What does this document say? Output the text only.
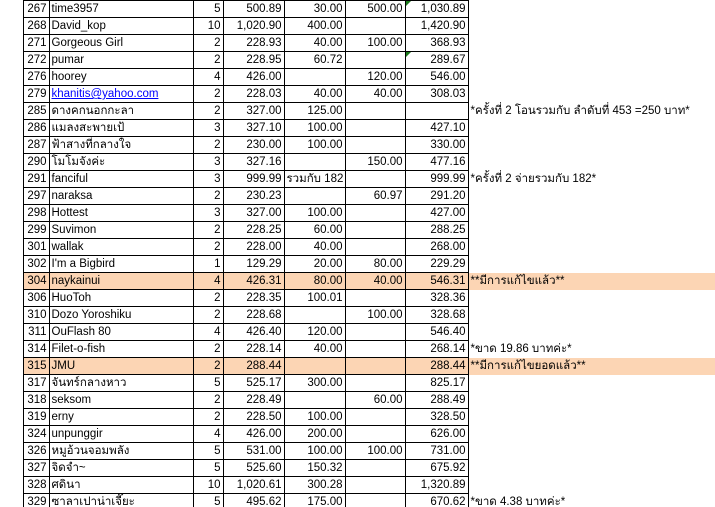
	267	time3957	5	500.89	30.00	500.00	1,030.89	
	268	David_kop	10	1,020.90	400.00		1,420.90	
	271	Gorgeous Girl	2	228.93	40.00	100.00	368.93	
	272	pumar	2	228.95	60.72		289.67	
	276	hoorey	4	426.00		120.00	546.00	
	279	khanitis@yahoo.com	2	228.03	40.00	40.00	308.03	
	285	ดางคกนอกกะลา	2	327.00	125.00			*ครั้งที่ 2 โอนรวมกับ ลำดับที่ 453 =250 บาท*
	286	แมลงสะพายเป้	3	327.10	100.00		427.10	
	287	ฟ้าสางที่กลางใจ	2	230.00	100.00		330.00	
	290	โมโมจังค่ะ	3	327.16		150.00	477.16	
	291	fanciful	3	999.99	รวมกับ 182		999.99	*ครั้งที่ 2 จ่ายรวมกับ 182*
	297	naraksa	2	230.23		60.97	291.20	
	298	Hottest	3	327.00	100.00		427.00	
	299	Suvimon	2	228.25	60.00		288.25	
	301	wallak	2	228.00	40.00		268.00	
	302	I'm a Bigbird	1	129.29	20.00	80.00	229.29	
	304	naykainui	4	426.31	80.00	40.00	546.31	**มีการแก้ไขแล้ว**
	306	HuoToh	2	228.35	100.01		328.36	
	310	Dozo Yoroshiku	2	228.68		100.00	328.68	
	311	OuFlash 80	4	426.40	120.00		546.40	
	314	Filet-o-fish	2	228.14	40.00		268.14	*ขาด 19.86 บาทค่ะ*
	315	JMU	2	288.44			288.44	**มีการแก้ไขยอดแล้ว**
	317	จันทร์กลางหาว	5	525.17	300.00		825.17	
	318	seksom	2	228.49		60.00	288.49	
	319	erny	2	228.50	100.00		328.50	
	324	unpunggir	4	426.00	200.00		626.00	
	326	หมูอ้วนจอมพลัง	5	531.00	100.00	100.00	731.00	
	327	จิดจำ~	5	525.60	150.32		675.92	
	328	ศดินา	10	1,020.61	300.28		1,320.89	
	329	ซาลาเปาน่าเจี๊ยะ	5	495.62	175.00		670.62	*ขาด 4.38 บาทค่ะ*
